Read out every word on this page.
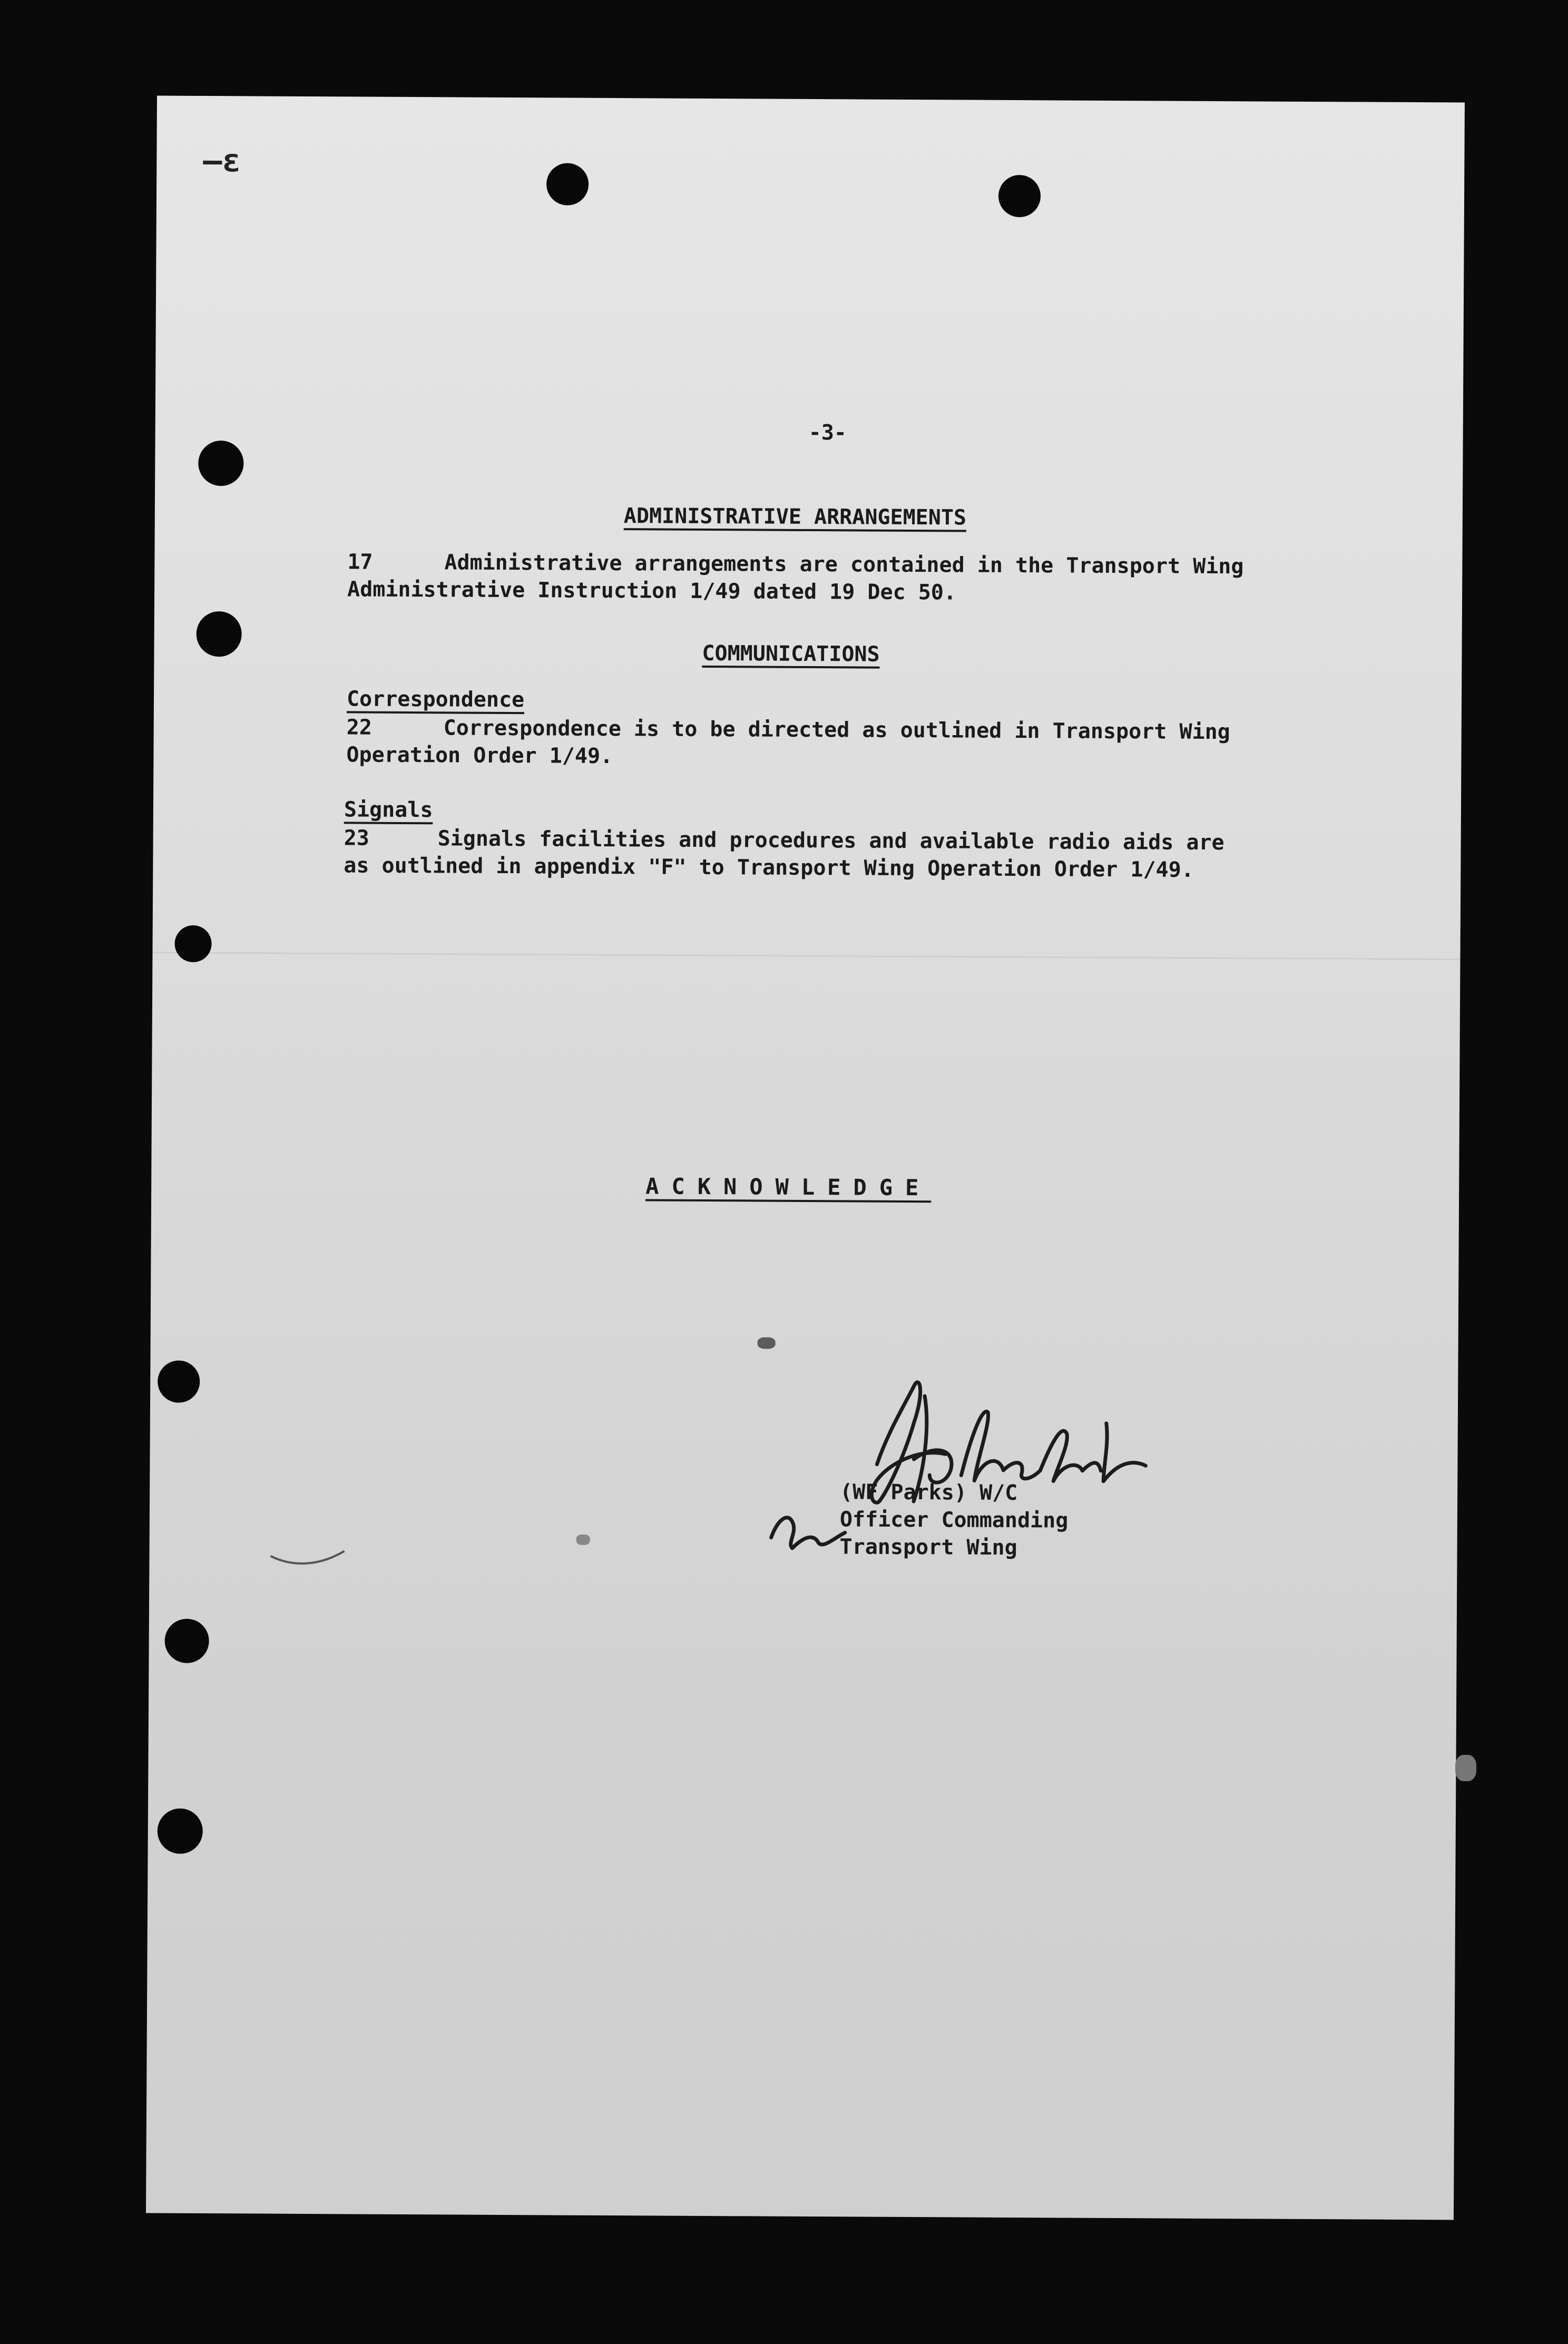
—ε
-3-
ADMINISTRATIVE ARRANGEMENTS
17	Administrative arrangements are contained in the Transport Wing
Administrative Instruction 1/49 dated 19 Dec 50.
COMMUNICATIONS
Correspondence
22	Correspondence is to be directed as outlined in Transport Wing
Operation Order 1/49.
Signals
23	Signals facilities and procedures and available radio aids are
as outlined in appendix "F" to Transport Wing Operation Order 1/49.
ACKNOWLEDGE
(WF Parks) W/C
Officer Commanding
Transport Wing
